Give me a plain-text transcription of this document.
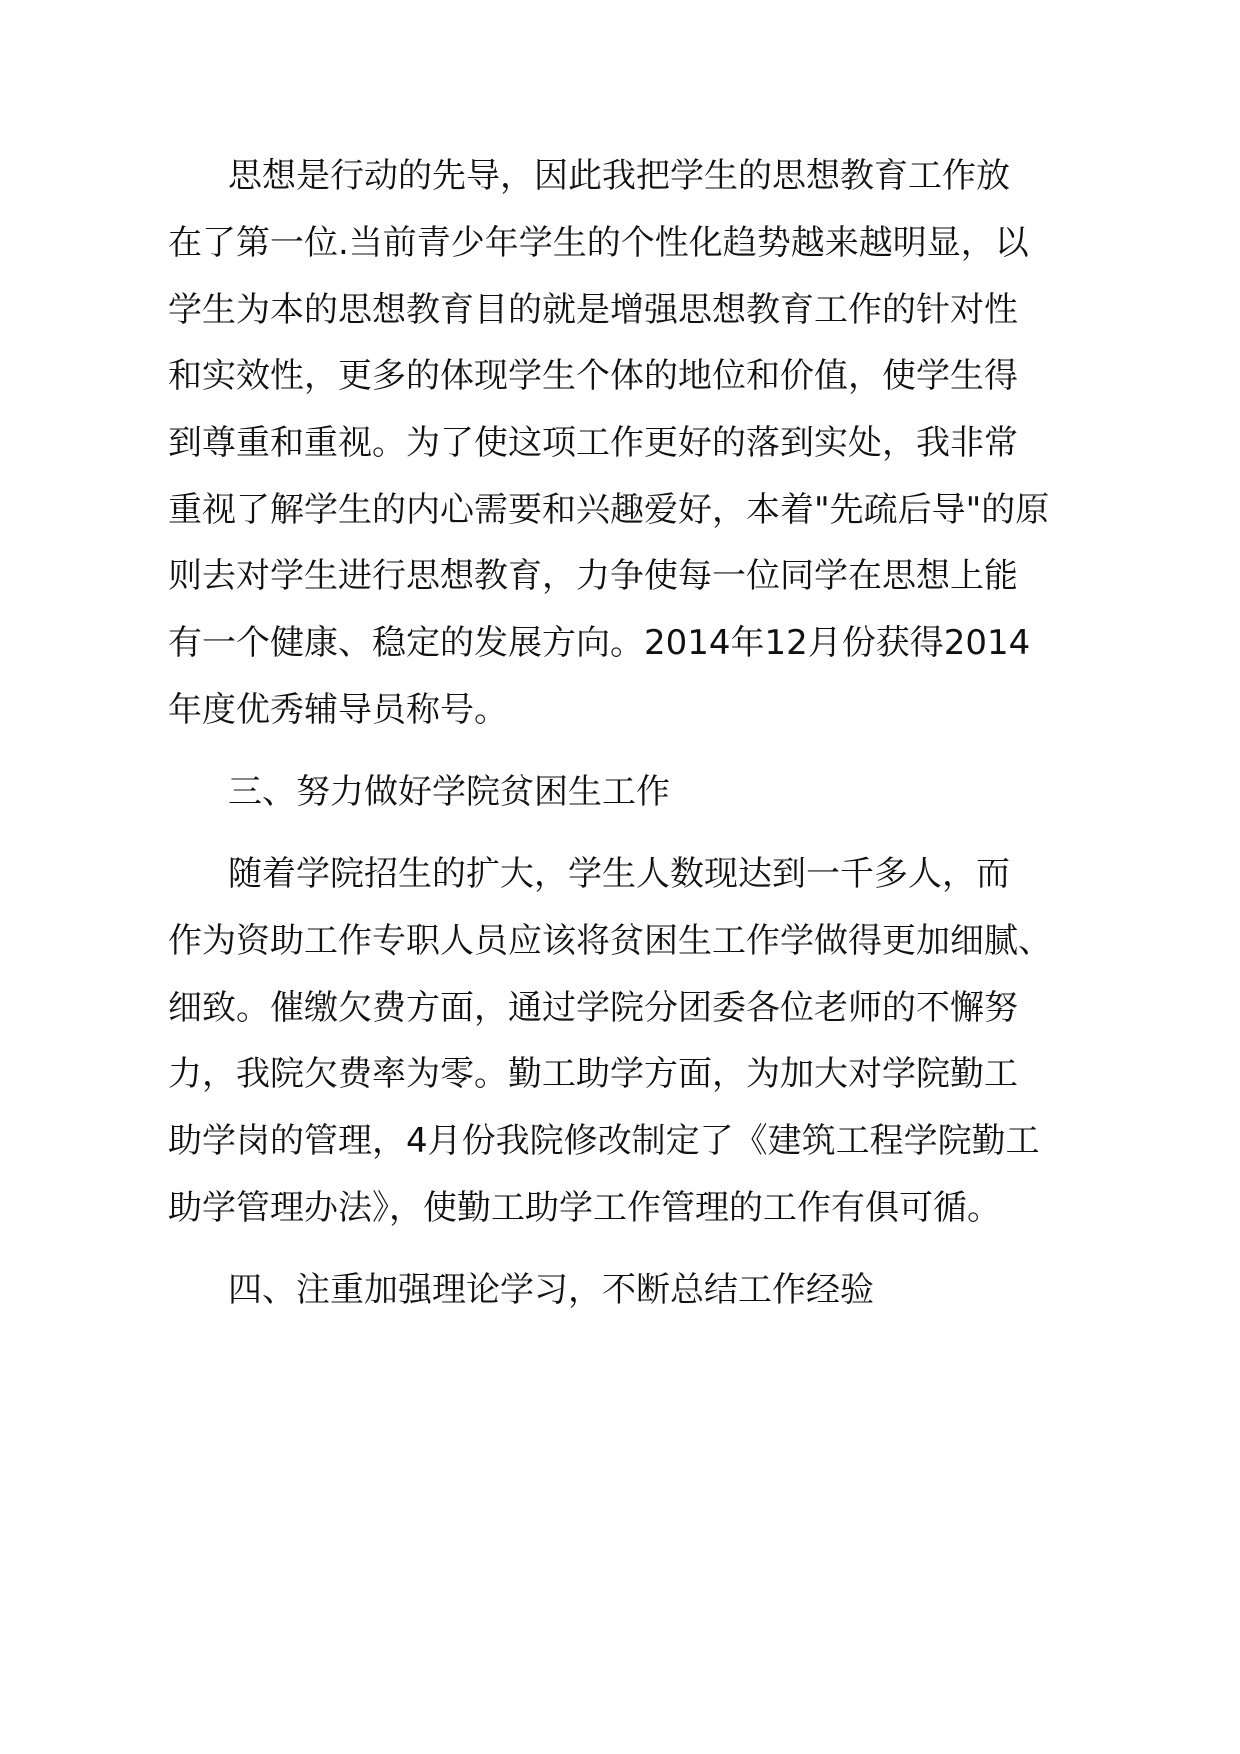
思想是行动的先导，因此我把学生的思想教育工作放

在了第一位.当前青少年学生的个性化趋势越来越明显，以

学生为本的思想教育目的就是增强思想教育工作的针对性

和实效性，更多的体现学生个体的地位和价值，使学生得

到尊重和重视。为了使这项工作更好的落到实处，我非常

重视了解学生的内心需要和兴趣爱好，本着"先疏后导"的原

则去对学生进行思想教育，力争使每一位同学在思想上能

有一个健康、稳定的发展方向。2014年12月份获得2014

年度优秀辅导员称号。

三、努力做好学院贫困生工作

随着学院招生的扩大，学生人数现达到一千多人，而

作为资助工作专职人员应该将贫困生工作学做得更加细腻、

细致。催缴欠费方面，通过学院分团委各位老师的不懈努

力，我院欠费率为零。勤工助学方面，为加大对学院勤工

助学岗的管理，4月份我院修改制定了《建筑工程学院勤工

助学管理办法》，使勤工助学工作管理的工作有俱可循。

四、注重加强理论学习，不断总结工作经验
